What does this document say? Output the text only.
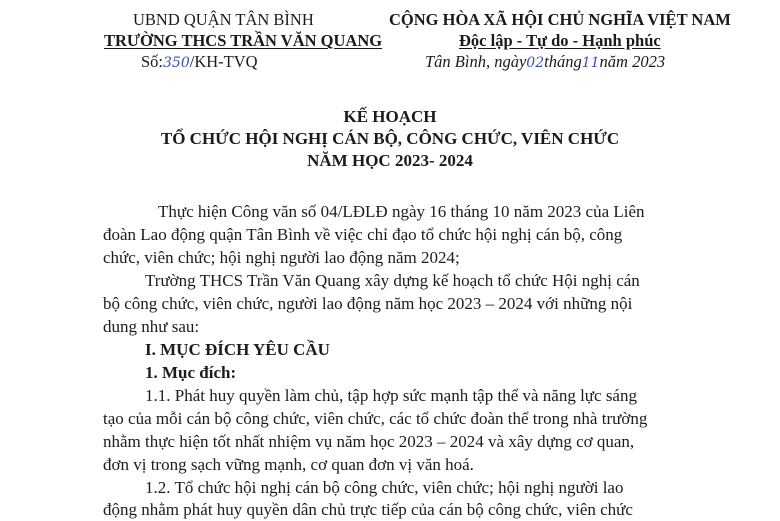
UBND QUẬN TÂN BÌNH
TRƯỜNG THCS TRẦN VĂN QUANG
Số:350/KH-TVQ
CỘNG HÒA XÃ HỘI CHỦ NGHĨA VIỆT NAM
Độc lập - Tự do - Hạnh phúc
Tân Bình, ngày02tháng11năm 2023
KẾ HOẠCH
TỔ CHỨC HỘI NGHỊ CÁN BỘ, CÔNG CHỨC, VIÊN CHỨC
NĂM HỌC 2023- 2024
Thực hiện Công văn số 04/LĐLĐ ngày 16 tháng 10 năm 2023 của Liên
đoàn Lao động quận Tân Bình về việc chỉ đạo tổ chức hội nghị cán bộ, công
chức, viên chức; hội nghị người lao động năm 2024;
Trường THCS Trần Văn Quang xây dựng kế hoạch tổ chức Hội nghị cán
bộ công chức, viên chức, người lao động năm học 2023 – 2024 với những nội
dung như sau:
I. MỤC ĐÍCH YÊU CẦU
1. Mục đích:
1.1. Phát huy quyền làm chủ, tập hợp sức mạnh tập thể và năng lực sáng
tạo của mỗi cán bộ công chức, viên chức, các tổ chức đoàn thể trong nhà trường
nhằm thực hiện tốt nhất nhiệm vụ năm học 2023 – 2024 và xây dựng cơ quan,
đơn vị trong sạch vững mạnh, cơ quan đơn vị văn hoá.
1.2. Tổ chức hội nghị cán bộ công chức, viên chức; hội nghị người lao
động nhằm phát huy quyền dân chủ trực tiếp của cán bộ công chức, viên chức
